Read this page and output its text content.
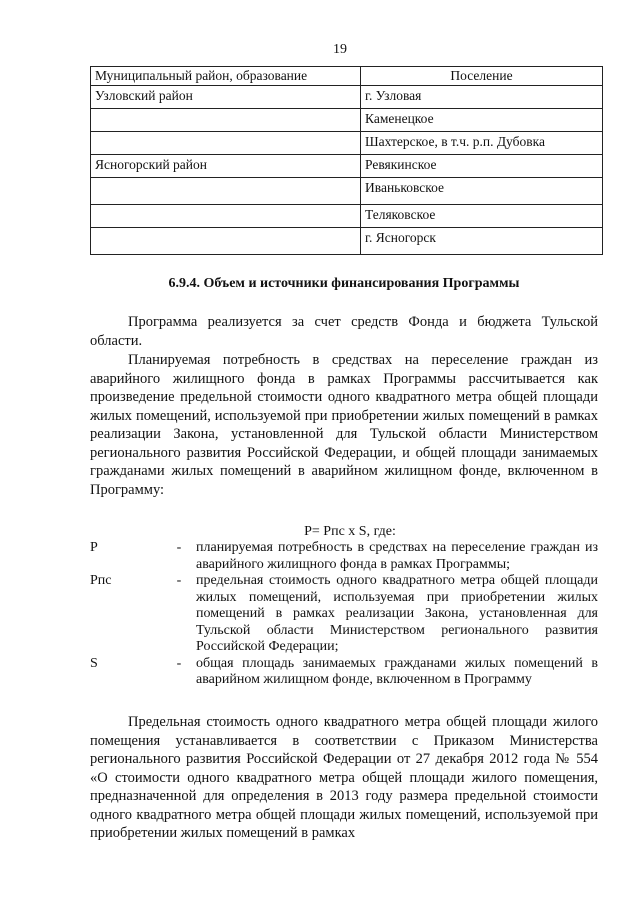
19
Муниципальный район, образование	Поселение
Узловский район	г. Узловая
	Каменецкое
	Шахтерское, в т.ч. р.п. Дубовка
Ясногорский район	Ревякинское
	Иваньковское
	Теляковское
	г. Ясногорск
6.9.4. Объем и источники финансирования Программы
Программа реализуется за счет средств Фонда и бюджета Тульской области.
Планируемая потребность в средствах на переселение граждан из аварийного жилищного фонда в рамках Программы рассчитывается как произведение предельной стоимости одного квадратного метра общей площади жилых помещений, используемой при приобретении жилых помещений в рамках реализации Закона, установленной для Тульской области Министерством регионального развития Российской Федерации, и общей площади занимаемых гражданами жилых помещений в аварийном жилищном фонде, включенном в Программу:
P= Pпс x S, где:
P	-	планируемая потребность в средствах на переселение граждан из аварийного жилищного фонда в рамках Программы;
Pпс	-	предельная стоимость одного квадратного метра общей площади жилых помещений, используемая при приобретении жилых помещений в рамках реализации Закона, установленная для Тульской области Министерством регионального развития Российской Федерации;
S	-	общая площадь занимаемых гражданами жилых помещений в аварийном жилищном фонде, включенном в Программу
Предельная стоимость одного квадратного метра общей площади жилого помещения устанавливается в соответствии с Приказом Министерства регионального развития Российской Федерации от 27 декабря 2012 года № 554 «О стоимости одного квадратного метра общей площади жилого помещения, предназначенной для определения в 2013 году размера предельной стоимости одного квадратного метра общей площади жилых помещений, используемой при приобретении жилых помещений в рамках
